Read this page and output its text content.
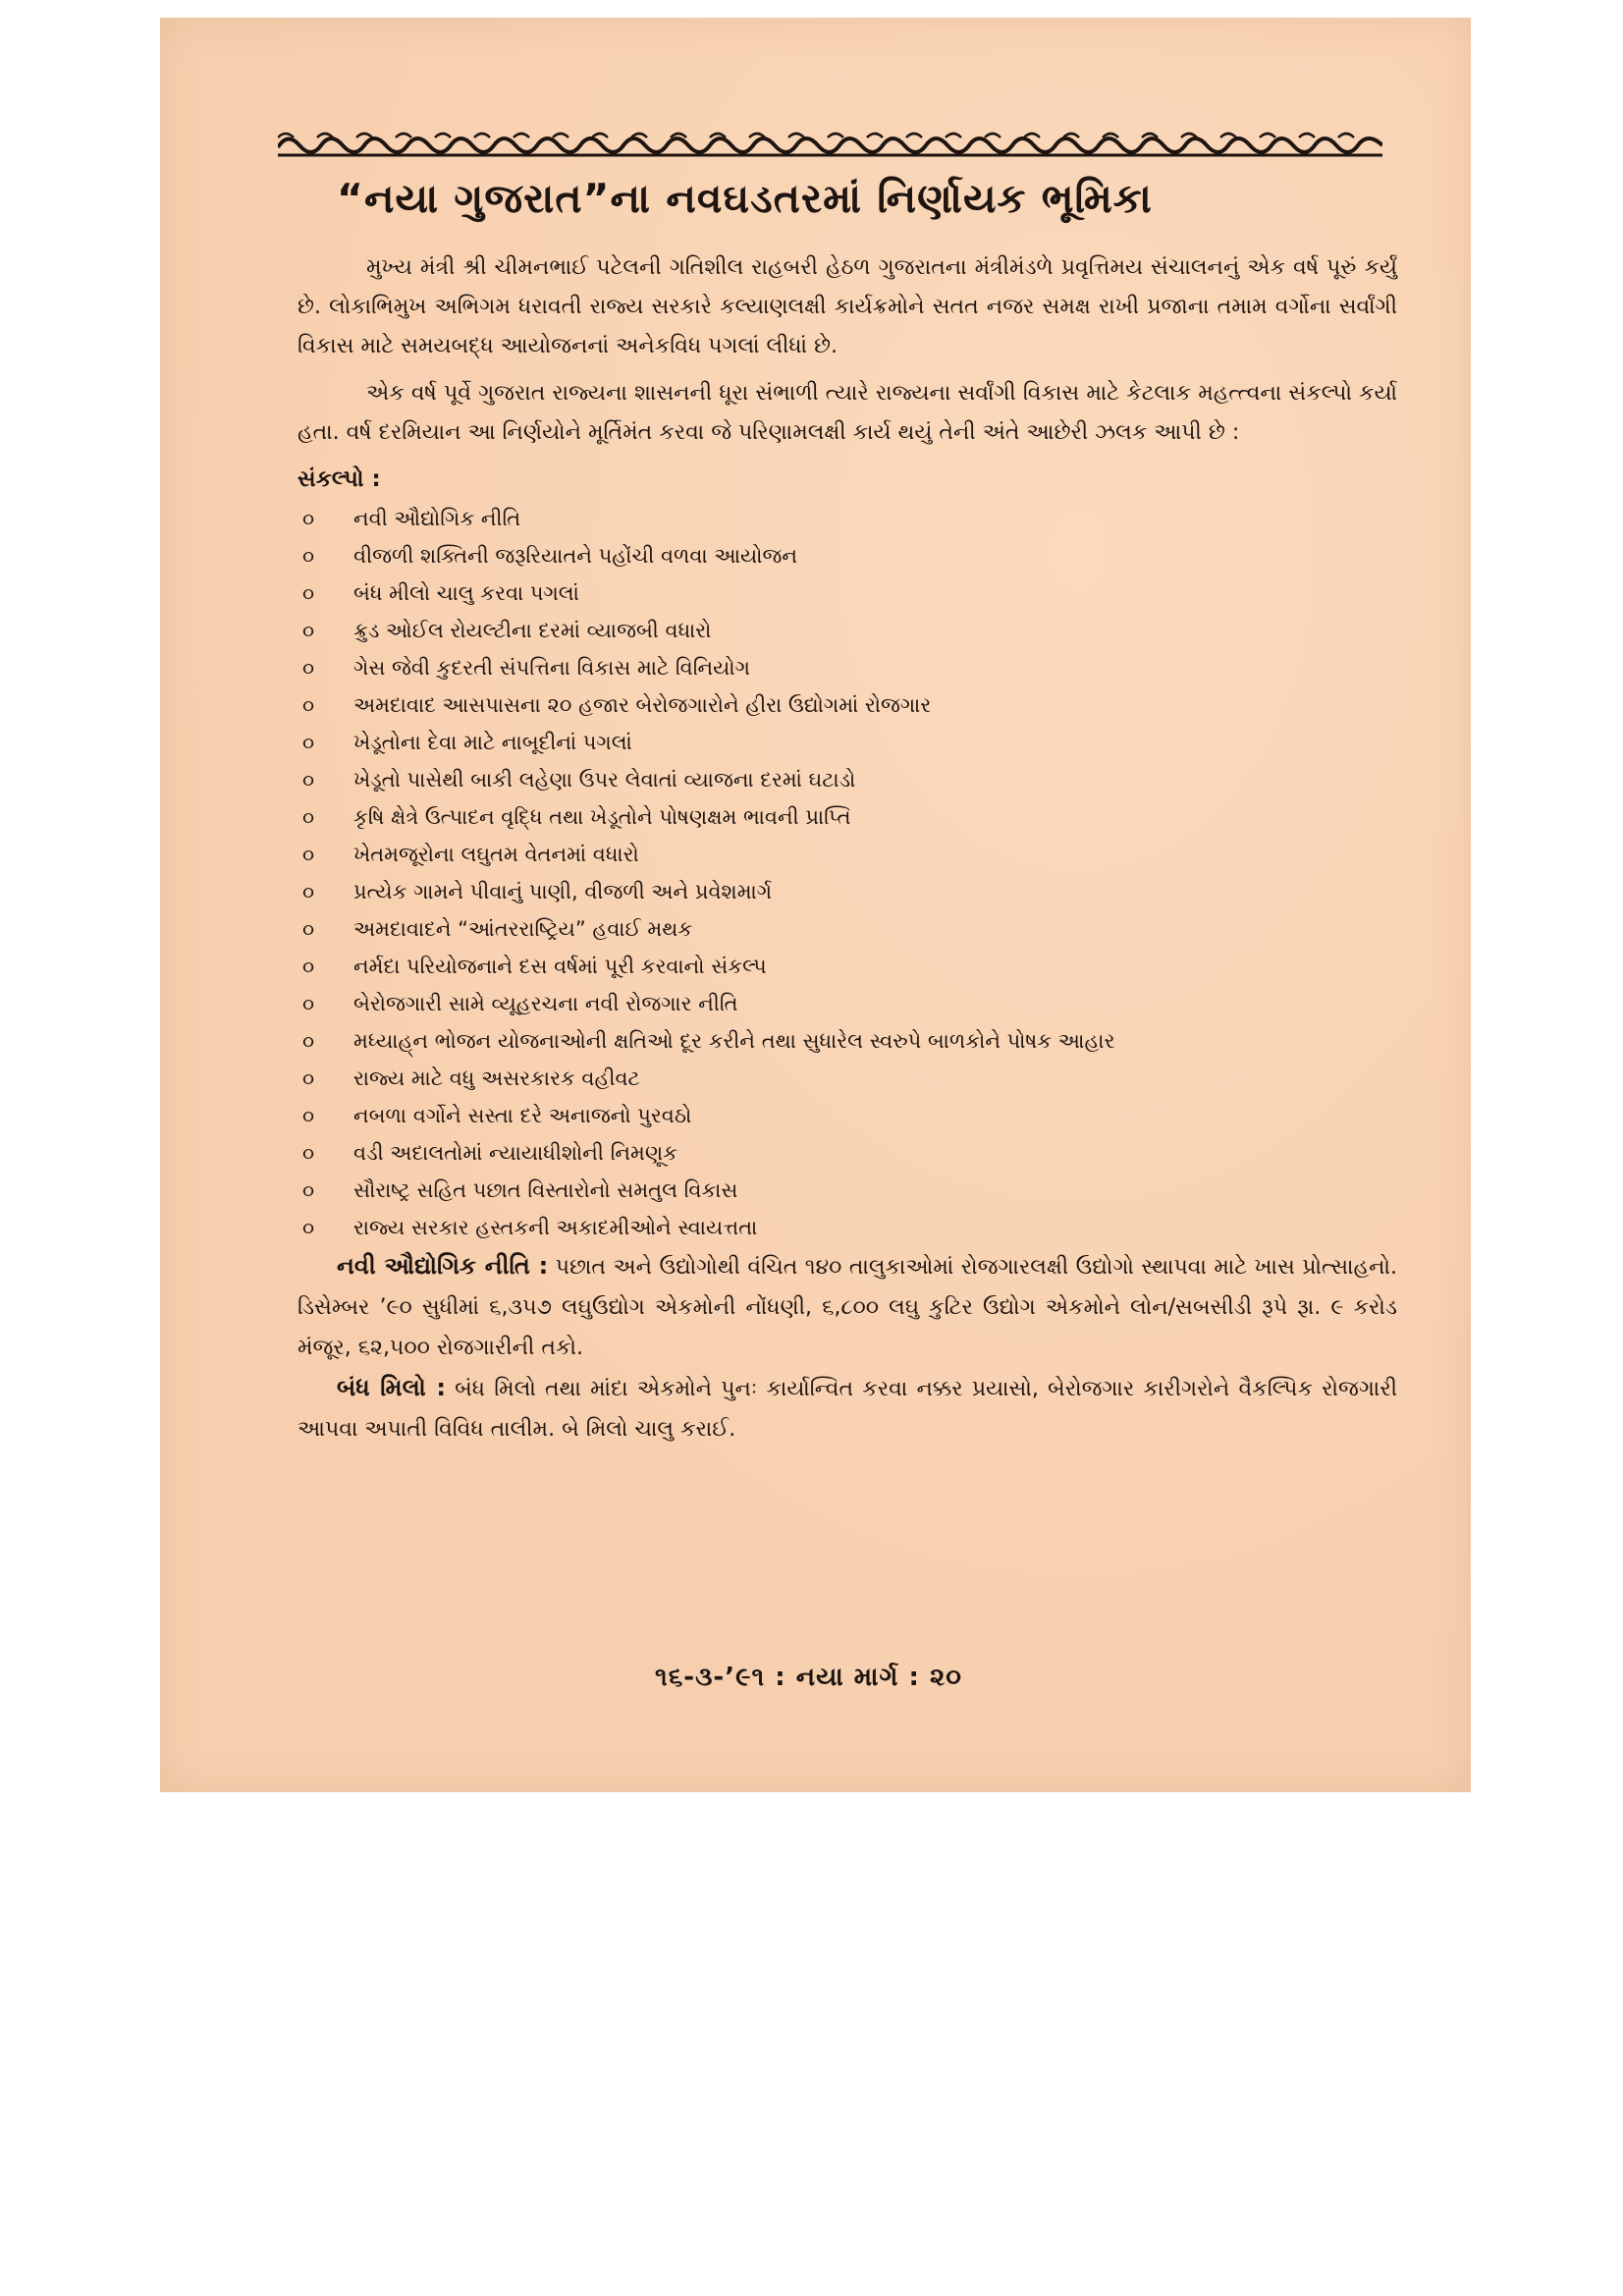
“નયા ગુજરાત”ના નવઘડતરમાં નિર્ણાયક ભૂમિકા

મુખ્ય મંત્રી શ્રી ચીમનભાઈ પટેલની ગતિશીલ રાહબરી હેઠળ ગુજરાતના મંત્રીમંડળે પ્રવૃત્તિમય સંચાલનનું એક વર્ષ પૂરું કર્યું છે. લોકાભિમુખ અભિગમ ધરાવતી રાજ્ય સરકારે કલ્યાણલક્ષી કાર્યક્રમોને સતત નજર સમક્ષ રાખી પ્રજાના તમામ વર્ગોના સર્વાંગી વિકાસ માટે સમયબદ્ધ આયોજનનાં અનેકવિધ પગલાં લીધાં છે.

એક વર્ષ પૂર્વે ગુજરાત રાજ્યના શાસનની ધૂરા સંભાળી ત્યારે રાજ્યના સર્વાંગી વિકાસ માટે કેટલાક મહત્ત્વના સંકલ્પો કર્યા હતા. વર્ષ દરમિયાન આ નિર્ણયોને મૂર્તિમંત કરવા જે પરિણામલક્ષી કાર્ય થયું તેની અંતે આછેરી ઝલક આપી છે :

સંકલ્પો :

૦ નવી ઔદ્યોગિક નીતિ
૦ વીજળી શક્તિની જરૂરિયાતને પહોંચી વળવા આયોજન
૦ બંધ મીલો ચાલુ કરવા પગલાં
૦ ક્રુડ ઓઈલ રોયલ્ટીના દરમાં વ્યાજબી વધારો
૦ ગેસ જેવી કુદરતી સંપત્તિના વિકાસ માટે વિનિયોગ
૦ અમદાવાદ આસપાસના ૨૦ હજાર બેરોજગારોને હીરા ઉદ્યોગમાં રોજગાર
૦ ખેડૂતોના દેવા માટે નાબૂદીનાં પગલાં
૦ ખેડૂતો પાસેથી બાકી લહેણા ઉપર લેવાતાં વ્યાજના દરમાં ઘટાડો
૦ કૃષિ ક્ષેત્રે ઉત્પાદન વૃદ્ધિ તથા ખેડૂતોને પોષણક્ષમ ભાવની પ્રાપ્તિ
૦ ખેતમજૂરોના લઘુતમ વેતનમાં વધારો
૦ પ્રત્યેક ગામને પીવાનું પાણી, વીજળી અને પ્રવેશમાર્ગ
૦ અમદાવાદને “આંતરરાષ્ટ્રિય” હવાઈ મથક
૦ નર્મદા પરિયોજનાને દસ વર્ષમાં પૂરી કરવાનો સંકલ્પ
૦ બેરોજગારી સામે વ્યૂહરચના નવી રોજગાર નીતિ
૦ મધ્યાહ્‌ન ભોજન યોજનાઓની ક્ષતિઓ દૂર કરીને તથા સુધારેલ સ્વરુપે બાળકોને પોષક આહાર
૦ રાજ્ય માટે વધુ અસરકારક વહીવટ
૦ નબળા વર્ગોને સસ્તા દરે અનાજનો પુરવઠો
૦ વડી અદાલતોમાં ન્યાયાધીશોની નિમણૂક
૦ સૌરાષ્ટ્ર સહિત પછાત વિસ્તારોનો સમતુલ વિકાસ
૦ રાજ્ય સરકાર હસ્તકની અકાદમીઓને સ્વાયત્તતા

નવી ઔદ્યોગિક નીતિ : પછાત અને ઉદ્યોગોથી વંચિત ૧૪૦ તાલુકાઓમાં રોજગારલક્ષી ઉદ્યોગો સ્થાપવા માટે ખાસ પ્રોત્સાહનો. ડિસેમ્બર ’૯૦ સુધીમાં ૬,૩૫૭ લઘુઉદ્યોગ એકમોની નોંધણી, ૬,૮૦૦ લઘુ કુટિર ઉદ્યોગ એકમોને લોન/સબસીડી રૂપે રૂા. ૯ કરોડ મંજૂર, ૬૨,૫૦૦ રોજગારીની તકો.

બંધ મિલો : બંધ મિલો તથા માંદા એકમોને પુનઃ કાર્યાન્વિત કરવા નક્કર પ્રયાસો, બેરોજગાર કારીગરોને વૈકલ્પિક રોજગારી આપવા અપાતી વિવિધ તાલીમ. બે મિલો ચાલુ કરાઈ.

૧૬-૩-’૯૧ : નયા માર્ગ : ૨૦
